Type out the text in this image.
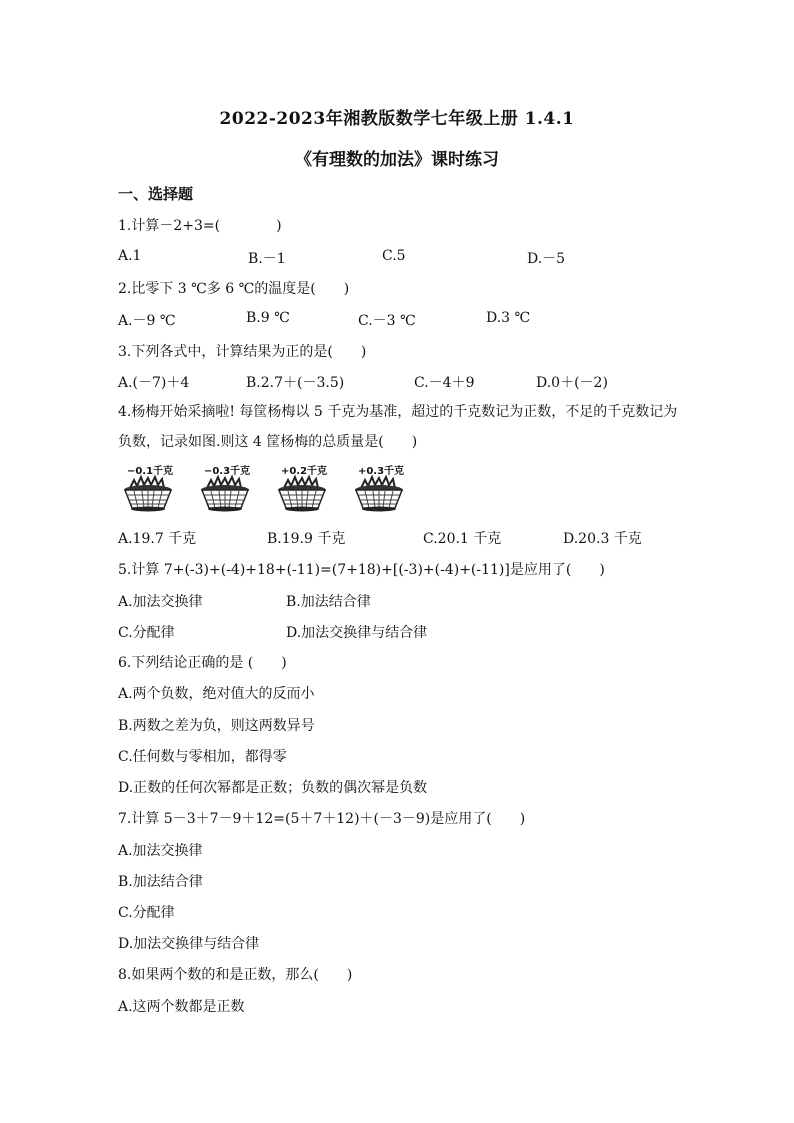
2022-2023年湘教版数学七年级上册 1.4.1
《有理数的加法》课时练习
一、选择题
1.计算－2+3=(　　　　)
A.1	B.－1	C.5	D.－5
2.比零下 3 ℃多 6 ℃的温度是(　　)
A.－9 ℃	B.9 ℃	C.－3 ℃	D.3 ℃
3.下列各式中，计算结果为正的是(　　)
A.(－7)＋4	B.2.7＋(－3.5)	C.－4＋9	D.0＋(－2)
4.杨梅开始采摘啦! 每筐杨梅以 5 千克为基准，超过的千克数记为正数，不足的千克数记为负数，记录如图.则这 4 筐杨梅的总质量是(　　)
−0.1千克	−0.3千克	+0.2千克	+0.3千克
A.19.7 千克	B.19.9 千克	C.20.1 千克	D.20.3 千克
5.计算 7+(-3)+(-4)+18+(-11)=(7+18)+[(-3)+(-4)+(-11)]是应用了(　　)
A.加法交换律	B.加法结合律
C.分配律	D.加法交换律与结合律
6.下列结论正确的是 (　　)
A.两个负数，绝对值大的反而小
B.两数之差为负，则这两数异号
C.任何数与零相加，都得零
D.正数的任何次幂都是正数；负数的偶次幂是负数
7.计算 5－3＋7－9＋12=(5＋7＋12)＋(－3－9)是应用了(　　)
A.加法交换律
B.加法结合律
C.分配律
D.加法交换律与结合律
8.如果两个数的和是正数，那么(　　)
A.这两个数都是正数
